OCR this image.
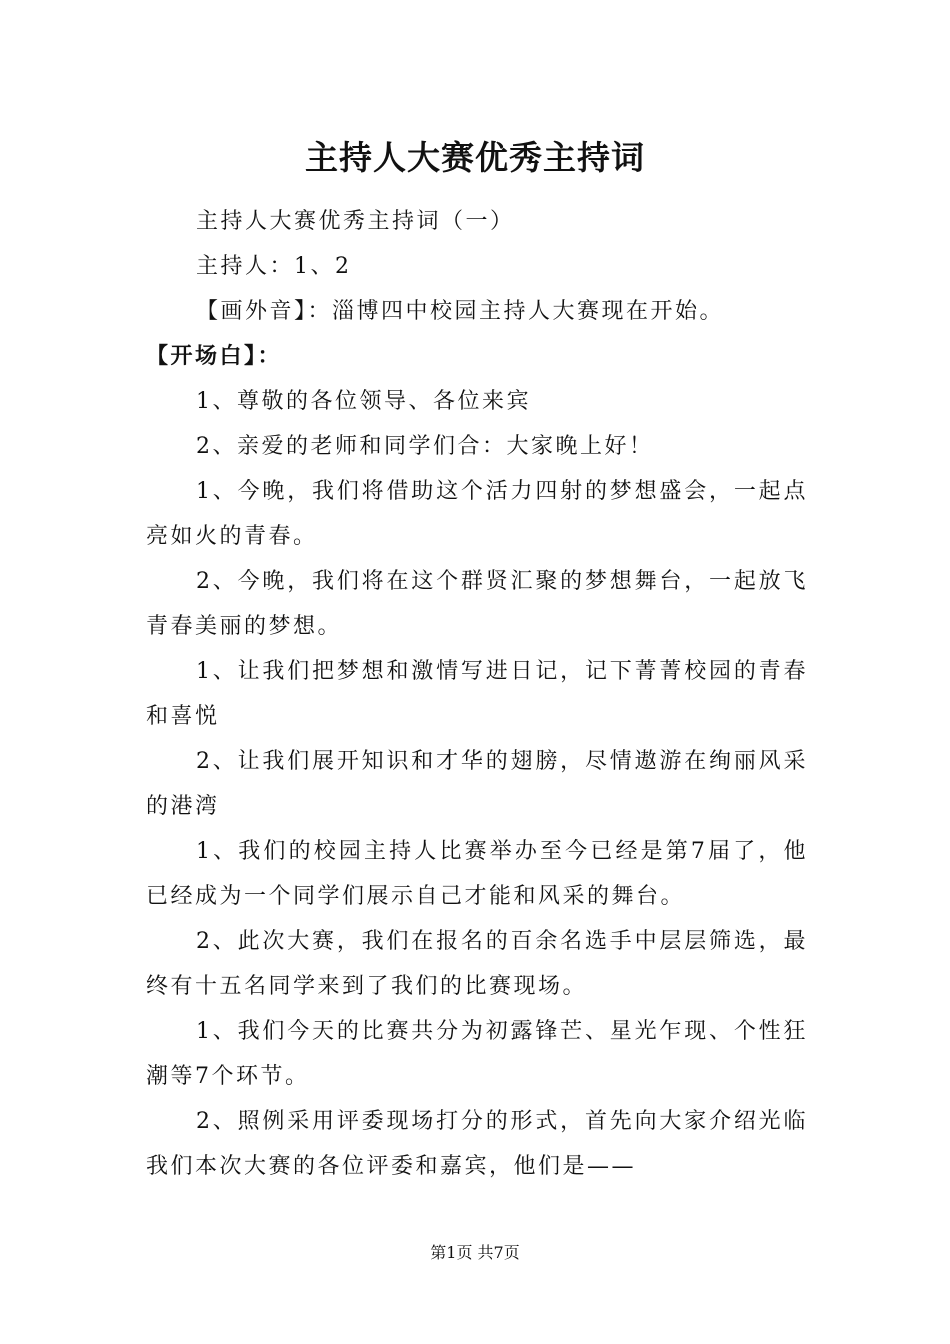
主持人大赛优秀主持词

主持人大赛优秀主持词（一）

主持人：1、2

【画外音】：淄博四中校园主持人大赛现在开始。

【开场白】：

1、尊敬的各位领导、各位来宾

2、亲爱的老师和同学们合：大家晚上好！

1、今晚，我们将借助这个活力四射的梦想盛会，一起点亮如火的青春。

2、今晚，我们将在这个群贤汇聚的梦想舞台，一起放飞青春美丽的梦想。

1、让我们把梦想和激情写进日记，记下菁菁校园的青春和喜悦

2、让我们展开知识和才华的翅膀，尽情遨游在绚丽风采的港湾

1、我们的校园主持人比赛举办至今已经是第7届了，他已经成为一个同学们展示自己才能和风采的舞台。

2、此次大赛，我们在报名的百余名选手中层层筛选，最终有十五名同学来到了我们的比赛现场。

1、我们今天的比赛共分为初露锋芒、星光乍现、个性狂潮等7个环节。

2、照例采用评委现场打分的形式，首先向大家介绍光临我们本次大赛的各位评委和嘉宾，他们是——

第1页 共7页
